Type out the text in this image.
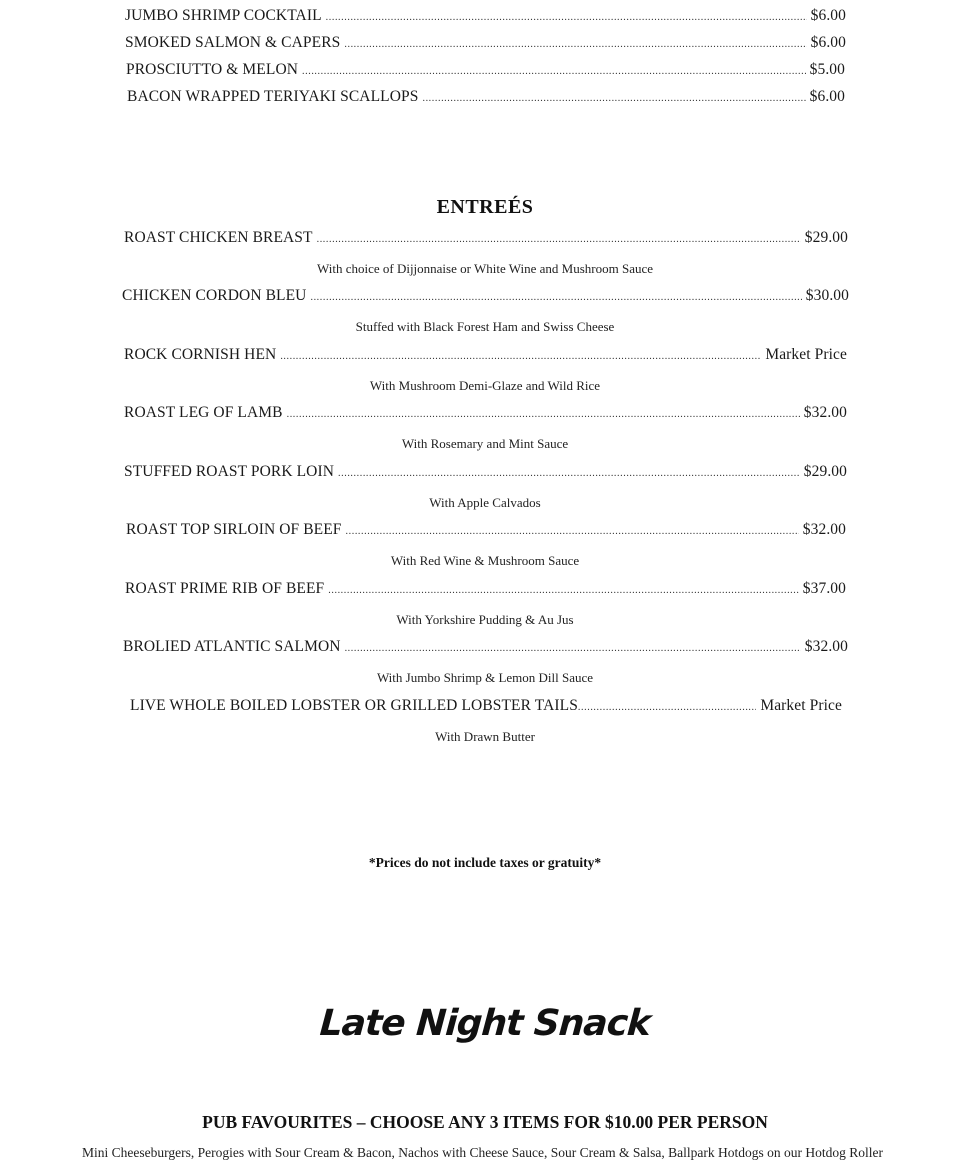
JUMBO SHRIMP COCKTAIL .....	$6.00
SMOKED SALMON & CAPERS .....	$6.00
PROSCIUTTO & MELON .....	$5.00
BACON WRAPPED TERIYAKI SCALLOPS .....	$6.00
ENTREÉS
ROAST CHICKEN BREAST .....	$29.00
With choice of Dijjonnaise or White Wine and Mushroom Sauce
CHICKEN CORDON BLEU .....	$30.00
Stuffed with Black Forest Ham and Swiss Cheese
ROCK CORNISH HEN .....	Market Price
With Mushroom Demi-Glaze and Wild Rice
ROAST LEG OF LAMB .....	$32.00
With Rosemary and Mint Sauce
STUFFED ROAST PORK LOIN .....	$29.00
With Apple Calvados
ROAST TOP SIRLOIN OF BEEF .....	$32.00
With Red Wine & Mushroom Sauce
ROAST PRIME RIB OF BEEF .....	$37.00
With Yorkshire Pudding & Au Jus
BROLIED ATLANTIC SALMON .....	$32.00
With Jumbo Shrimp & Lemon Dill Sauce
LIVE WHOLE BOILED LOBSTER OR GRILLED LOBSTER TAILS .....	Market Price
With Drawn Butter
*Prices do not include taxes or gratuity*
Late Night Snack
PUB FAVOURITES – CHOOSE ANY 3 ITEMS FOR $10.00 PER PERSON
Mini Cheeseburgers, Perogies with Sour Cream & Bacon, Nachos with Cheese Sauce, Sour Cream & Salsa, Ballpark Hotdogs on our Hotdog Roller
